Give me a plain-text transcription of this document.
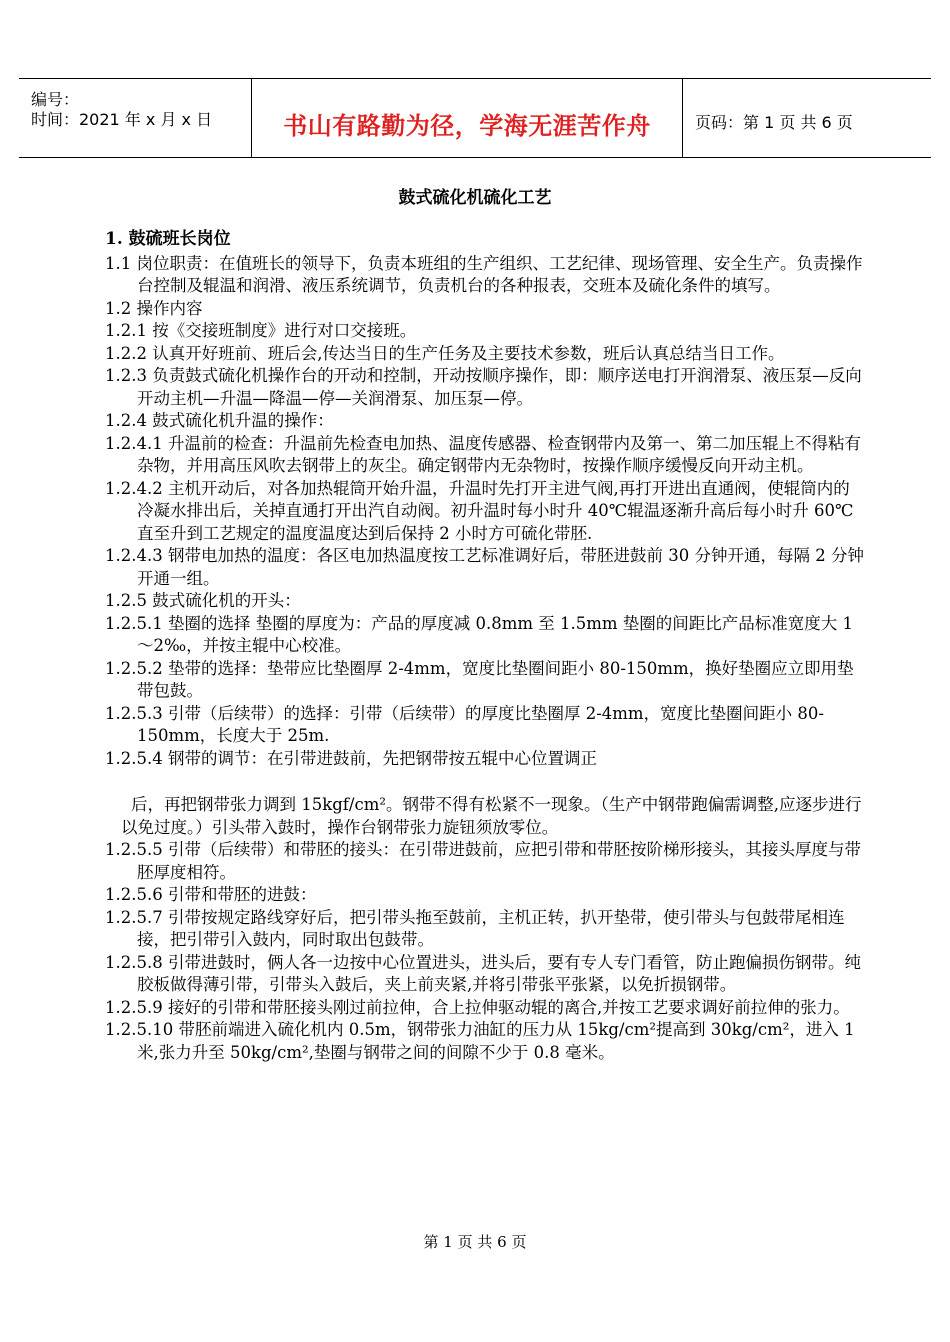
编号：
时间：2021 年 x 月 x 日	书山有路勤为径，学海无涯苦作舟	页码：第 1 页 共 6 页
鼓式硫化机硫化工艺

1. 鼓硫班长岗位

1.1 岗位职责：在值班长的领导下，负责本班组的生产组织、工艺纪律、现场管理、安全生产。负责操作台控制及辊温和润滑、液压系统调节，负责机台的各种报表，交班本及硫化条件的填写。

1.2 操作内容

1.2.1 按《交接班制度》进行对口交接班。

1.2.2 认真开好班前、班后会,传达当日的生产任务及主要技术参数，班后认真总结当日工作。

1.2.3 负责鼓式硫化机操作台的开动和控制，开动按顺序操作，即：顺序送电打开润滑泵、液压泵—反向开动主机—升温—降温—停—关润滑泵、加压泵—停。

1.2.4 鼓式硫化机升温的操作：

1.2.4.1 升温前的检查：升温前先检查电加热、温度传感器、检查钢带内及第一、第二加压辊上不得粘有杂物，并用高压风吹去钢带上的灰尘。确定钢带内无杂物时，按操作顺序缓慢反向开动主机。

1.2.4.2 主机开动后，对各加热辊筒开始升温，升温时先打开主进气阀,再打开进出直通阀，使辊筒内的冷凝水排出后，关掉直通打开出汽自动阀。初升温时每小时升 40℃辊温逐渐升高后每小时升 60℃直至升到工艺规定的温度温度达到后保持 2 小时方可硫化带胚.

1.2.4.3 钢带电加热的温度：各区电加热温度按工艺标准调好后，带胚进鼓前 30 分钟开通，每隔 2 分钟开通一组。

1.2.5 鼓式硫化机的开头：

1.2.5.1 垫圈的选择 垫圈的厚度为：产品的厚度减 0.8mm 至 1.5mm 垫圈的间距比产品标准宽度大 1～2‰，并按主辊中心校准。

1.2.5.2 垫带的选择：垫带应比垫圈厚 2-4mm，宽度比垫圈间距小 80-150mm，换好垫圈应立即用垫带包鼓。

1.2.5.3 引带（后续带）的选择：引带（后续带）的厚度比垫圈厚 2-4mm，宽度比垫圈间距小 80-150mm，长度大于 25m.

1.2.5.4 钢带的调节：在引带进鼓前，先把钢带按五辊中心位置调正

后，再把钢带张力调到 15kgf/cm²。钢带不得有松紧不一现象。（生产中钢带跑偏需调整,应逐步进行以免过度。）引头带入鼓时，操作台钢带张力旋钮须放零位。

1.2.5.5 引带（后续带）和带胚的接头：在引带进鼓前，应把引带和带胚按阶梯形接头，其接头厚度与带胚厚度相符。

1.2.5.6 引带和带胚的进鼓：

1.2.5.7 引带按规定路线穿好后，把引带头拖至鼓前，主机正转，扒开垫带，使引带头与包鼓带尾相连接，把引带引入鼓内，同时取出包鼓带。

1.2.5.8 引带进鼓时，俩人各一边按中心位置进头，进头后，要有专人专门看管，防止跑偏损伤钢带。纯胶板做得薄引带，引带头入鼓后，夹上前夹紧,并将引带张平张紧，以免折损钢带。

1.2.5.9 接好的引带和带胚接头刚过前拉伸，合上拉伸驱动辊的离合,并按工艺要求调好前拉伸的张力。

1.2.5.10 带胚前端进入硫化机内 0.5m，钢带张力油缸的压力从 15kg/cm²提高到 30kg/cm²，进入 1 米,张力升至 50kg/cm²,垫圈与钢带之间的间隙不少于 0.8 毫米。

第 1 页 共 6 页
